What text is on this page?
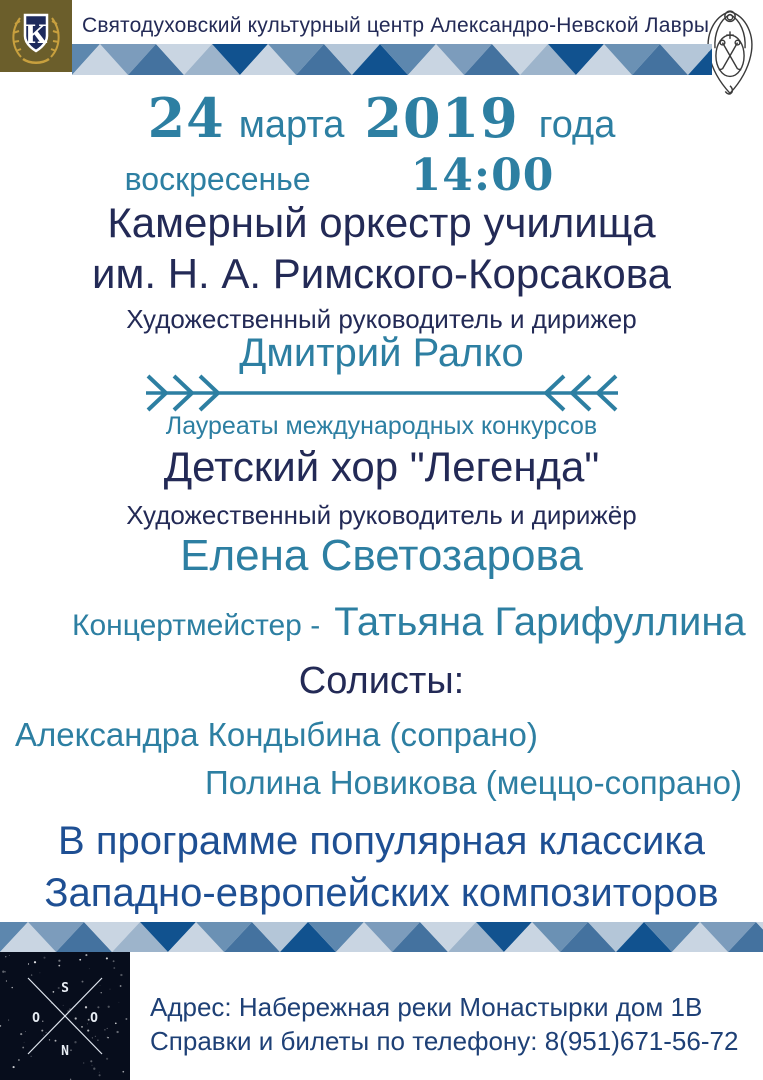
К Святодуховский культурный центр Александро-Невской Лавры
24 марта 2019 года
воскресенье 14:00
Камерный оркестр училища
им. Н. А. Римского-Корсакова
Художественный руководитель и дирижер
Дмитрий Ралко
Лауреаты международных конкурсов
Детский хор "Легенда"
Художественный руководитель и дирижёр
Елена Светозарова
Концертмейстер - Татьяна Гарифуллина
Солисты:
Александра Кондыбина (сопрано)
Полина Новикова (меццо-сопрано)
В программе популярная классика
Западно-европейских композиторов
S
O	O
N
Адрес: Набережная реки Монастырки дом 1В
Справки и билеты по телефону: 8(951)671-56-72
